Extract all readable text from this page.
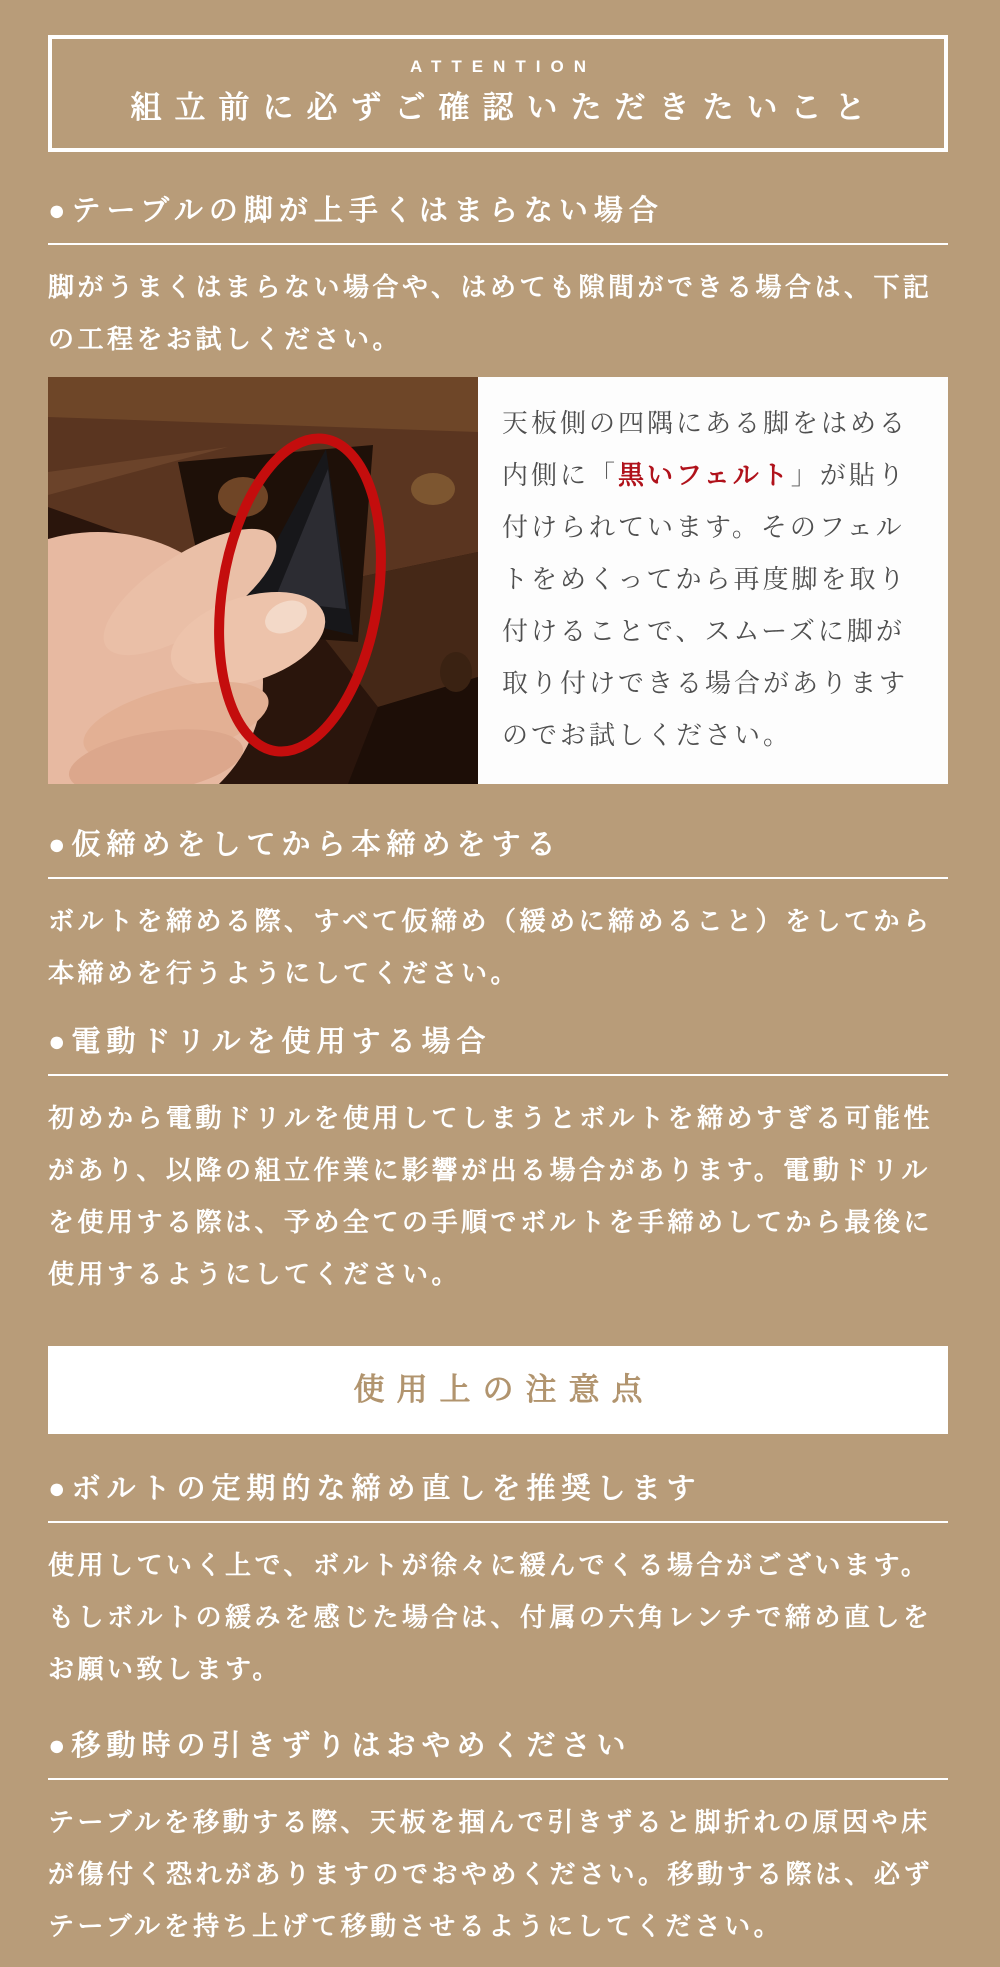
ATTENTION
組立前に必ずご確認いただきたいこと
●テーブルの脚が上手くはまらない場合

脚がうまくはまらない場合や、はめても隙間ができる場合は、下記の工程をお試しください。

天板側の四隅にある脚をはめる内側に「黒いフェルト」が貼り付けられています。そのフェルトをめくってから再度脚を取り付けることで、スムーズに脚が取り付けできる場合がありますのでお試しください。
●仮締めをしてから本締めをする

ボルトを締める際、すべて仮締め（緩めに締めること）をしてから本締めを行うようにしてください。

●電動ドリルを使用する場合

初めから電動ドリルを使用してしまうとボルトを締めすぎる可能性があり、以降の組立作業に影響が出る場合があります。電動ドリルを使用する際は、予め全ての手順でボルトを手締めしてから最後に使用するようにしてください。

使用上の注意点
●ボルトの定期的な締め直しを推奨します

使用していく上で、ボルトが徐々に緩んでくる場合がございます。もしボルトの緩みを感じた場合は、付属の六角レンチで締め直しをお願い致します。

●移動時の引きずりはおやめください

テーブルを移動する際、天板を掴んで引きずると脚折れの原因や床が傷付く恐れがありますのでおやめください。移動する際は、必ずテーブルを持ち上げて移動させるようにしてください。
